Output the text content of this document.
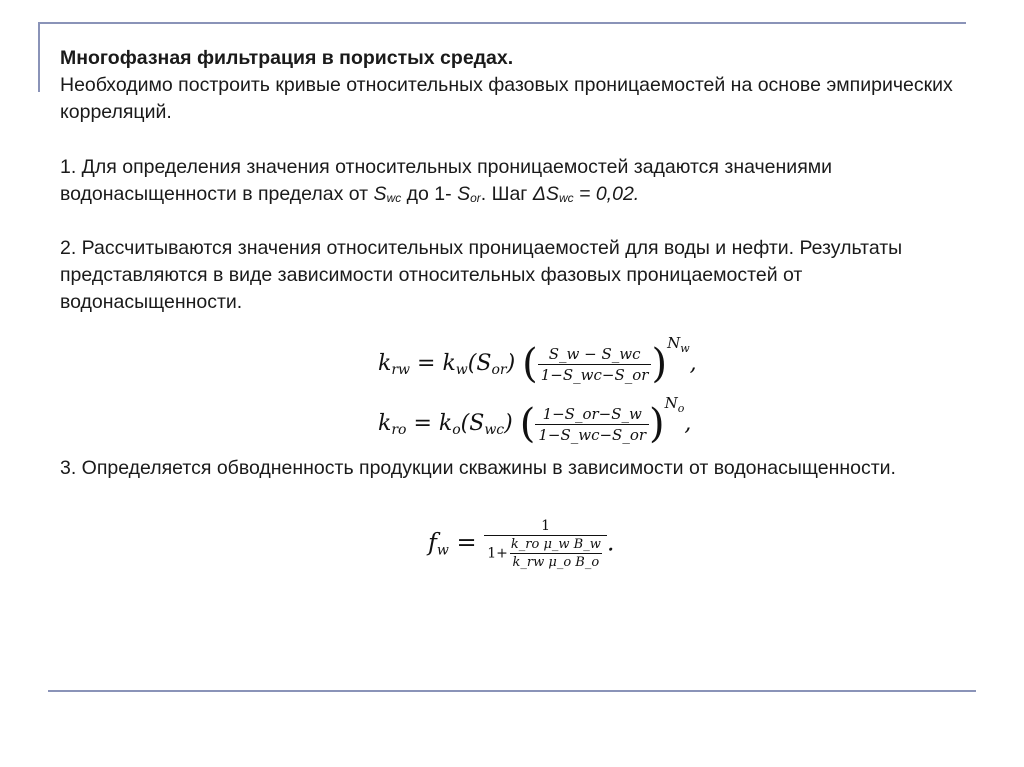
Многофазная фильтрация в пористых средах.
Необходимо построить кривые относительных фазовых проницаемостей на основе эмпирических корреляций.
1. Для определения значения относительных проницаемостей задаются значениями водонасыщенности в пределах от Swc до 1- Sor. Шаг ΔSwc = 0,02.
2. Рассчитываются значения относительных проницаемостей для воды и нефти. Результаты представляются в виде зависимости относительных фазовых проницаемостей от водонасыщенности.
krw = kw(Sor) ( $\frac{S\_w - S\_wc}{1-S\_wc-S\_or} )^{Nw}$,
kro = ko(Swc) ( $\frac{1-S\_or-S\_w}{1-S\_wc-S\_or} )^{No}$,
3. Определяется обводненность продукции скважины в зависимости от водонасыщенности.
fw = $\frac{1}{1+ \frac{\text{k\_ro μ\_w B\_w}}{\text{k\_rw μ\_o B\_o}}}$ .
